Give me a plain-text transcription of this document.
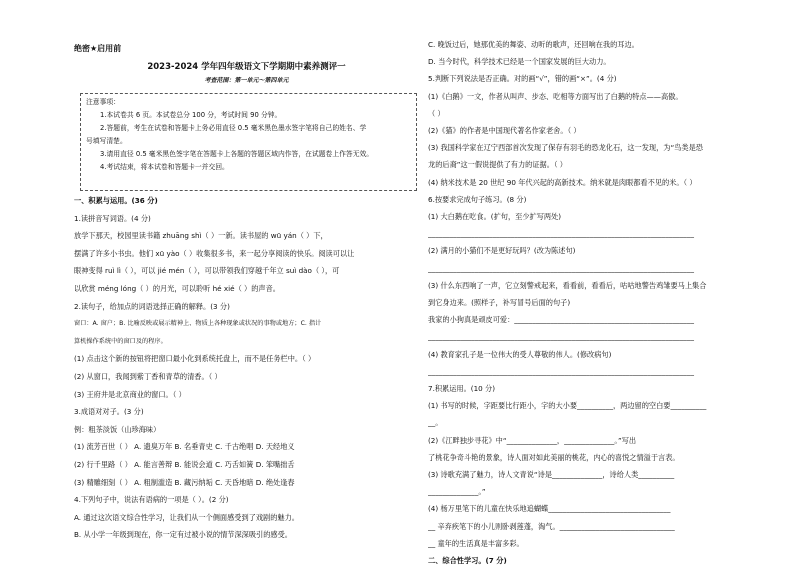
绝密★启用前
2023-2024 学年四年级语文下学期期中素养测评一
考查范围：第一单元～第四单元
注意事项：
1.本试卷共 6 页。本试卷总分 100 分，考试时间 90 分钟。
2.答题前，考生在试卷和答题卡上务必用直径 0.5 毫米黑色墨水签字笔将自己的姓名、学
号填写清楚。
3.请用直径 0.5 毫米黑色签字笔在答题卡上各题的答题区域内作答，在试题卷上作答无效。
4.考试结束，将本试卷和答题卡一并交回。
一、积累与运用。(36 分)
1.读拼音写词语。(4 分)
放学下那天，校园里读书籍 zhuāng shì（ ）一新。读书屋的 wū yán（ ）下，
摆满了许多小书虫。他们 xū yào（ ）收集很多书，来一起分享阅读的快乐。阅读可以让
眼神变得 ruì lì（ ），可以 jié mén（ ），可以带领我们穿越千年立 suì dào（ ），可
以欣赏 méng lóng（ ）的月光，可以聆听 hé xié（ ）的声音。
2.读句子，给加点的词语选择正确的解释。(3 分)
窗口：A. 窗户；B. 比喻反映或展示精神上、物质上各种现象或状况的事物或地方；C. 指计
算机操作系统中的窗口及的程序。
(1) 点击这个新的按钮将把窗口最小化到系统托盘上，而不是任务栏中。（ ）
(2) 从窗口，我闻到紫丁香和青草的清香。（ ）
(3) 王府井是北京商业的窗口。（ ）
3.成语对对子。(3 分)
例：粗茶淡饭（山珍海味）
(1) 流芳百世（ ） A. 遗臭万年 B. 名垂青史 C. 千古绝唱 D. 天经地义
(2) 行千里路（ ） A. 能言善辩 B. 能说会道 C. 巧舌如簧 D. 笨嘴拙舌
(3) 精雕细刻（ ） A. 粗制滥造 B. 藏污纳垢 C. 天昏地暗 D. 绝处逢春
4.下列句子中，说法有语病的一项是（ ）。(2 分)
A. 通过这次语文综合性学习，让我们从一个侧面感受到了戏剧的魅力。
B. 从小学一年级到现在，你一定有过被小说的情节深深吸引的感受。
C. 晚饭过后，她那优美的舞姿、动听的歌声，还回响在我的耳边。
D. 当今时代，科学技术已经是一个国家发展的巨大动力。
5.判断下列说法是否正确。对的画“√”，错的画“×”。(4 分)
(1)《白鹅》一文，作者从叫声、步态、吃相等方面写出了白鹅的特点——高傲。
（ ）
(2)《猫》的作者是中国现代著名作家老舍。（ ）
(3) 我国科学家在辽宁西部首次发现了保存有羽毛的恐龙化石，这一发现，为“鸟类是恐
龙的后裔”这一假说提供了有力的证据。（ ）
(4) 纳米技术是 20 世纪 90 年代兴起的高新技术。纳米就是肉眼都看不见的米。（ ）
6.按要求完成句子练习。(8 分)
(1) 大白鹅在吃食。(扩句，至少扩写两处)
__________________________________________________________________________
(2) 满月的小猫们不是更好玩吗？(改为陈述句)
__________________________________________________________________________
(3) 什么东西响了一声，它立刻警戒起来，看看前，看看后，咕咕地警告鸡雏要马上集合
到它身边来。(照样子，补写冒号后面的句子)
我家的小狗真是顽皮可爱：__________________________________________________
__________________________________________________________________________
(4) 教育家孔子是一位伟大的受人尊敬的伟人。(修改病句)
__________________________________________________________________________
7.积累运用。(10 分)
(1) 书写的时候，字距要比行距小，字的大小要__________，两边留的空白要__________
__。
(2)《江畔独步寻花》中“______________，______________。”写出
了桃花争奇斗艳的景象，诗人面对如此美丽的桃花，内心的喜悦之情溢于言表。
(3) 诗歌充满了魅力，诗人文青说“诗是______________，诗给人类__________
______________。”
(4) 杨万里笔下的儿童在快乐地追蝴蝶__________________________________
__ 辛弃疾笔下的小儿则卧剥莲蓬，淘气。________________________________
__ 童年的生活真是丰富多彩。
二、综合性学习。(7 分)
